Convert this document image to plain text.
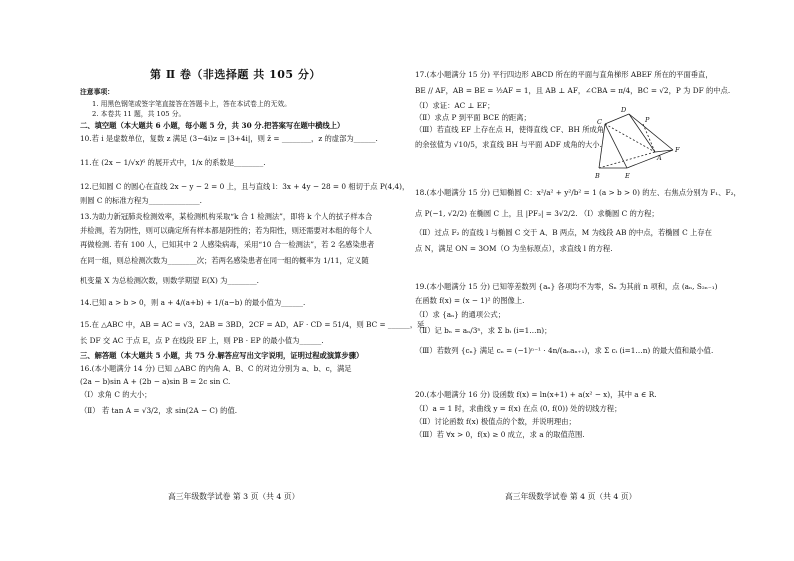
第 Ⅱ 卷（非选择题 共 105 分）
注意事项：
1. 用黑色钢笔或签字笔直接答在答题卡上，答在本试卷上的无效。
2. 本卷共 11 题，共 105 分。
二、填空题（本大题共 6 小题，每小题 5 分，共 30 分.把答案写在题中横线上）
10.若 i 是虚数单位，复数 z 满足 (3−4i)z = |3+4i|，则 z̄ = ________，z 的虚部为______.
11.在 (2x − 1/√x)⁶ 的展开式中，1/x 的系数是________.
12.已知圆 C 的圆心在直线 2x − y − 2 = 0 上，且与直线 l：3x + 4y − 28 = 0 相切于点 P(4,4)，
则圆 C 的标准方程为______________.
13.为助力新冠肺炎检测效率，某检测机构采取“k 合 1 检测法”，即将 k 个人的拭子样本合
并检测，若为阴性，则可以确定所有样本都是阴性的；若为阳性，则还需要对本组的每个人
再做检测. 若有 100 人，已知其中 2 人感染病毒，采用“10 合一检测法”，若 2 名感染患者
在同一组，则总检测次数为________次；若两名感染患者在同一组的概率为 1/11，定义随
机变量 X 为总检测次数，则数学期望 E(X) 为________.
14.已知 a > b > 0，则 a + 4/(a+b) + 1/(a−b) 的最小值为______.
15.在 △ABC 中，AB = AC = √3，2AB = 3BD，2CF = AD，AF · CD = 51/4，则 BC = ______，延
长 DF 交 AC 于点 E，点 P 在线段 EF 上，则 PB · EP 的最小值为______.
三、解答题（本大题共 5 小题，共 75 分.解答应写出文字说明，证明过程或演算步骤）
16.(本小题满分 14 分) 已知 △ABC 的内角 A、B、C 的对边分别为 a、b、c，满足
(2a − b)sin A + (2b − a)sin B = 2c sin C.
（Ⅰ）求角 C 的大小；
（Ⅱ） 若 tan A = √3/2，求 sin(2A − C) 的值.
高三年级数学试卷 第 3 页（共 4 页）
17.(本小题满分 15 分) 平行四边形 ABCD 所在的平面与直角梯形 ABEF 所在的平面垂直，
BE // AF，AB = BE = ½AF = 1，且 AB ⊥ AF，∠CBA = π/4，BC = √2，P 为 DF 的中点.
（Ⅰ）求证：AC ⊥ EF；
（Ⅱ）求点 P 到平面 BCE 的距离；
（Ⅲ）若直线 EF 上存在点 H，使得直线 CF、BH 所成角
的余弦值为 √10/5，求直线 BH 与平面 ADF 成角的大小.
C
D
P
A
F
B	E
18.(本小题满分 15 分) 已知椭圆 C：x²/a² + y²/b² = 1 (a > b > 0) 的左、右焦点分别为 F₁、F₂，
点 P(−1, √2/2) 在椭圆 C 上，且 |PF₂| = 3√2/2. （Ⅰ）求椭圆 C 的方程；
（Ⅱ）过点 F₂ 的直线 l 与椭圆 C 交于 A、B 两点，M 为线段 AB 的中点，若椭圆 C 上存在
点 N，满足 ON = 3OM（O 为坐标原点），求直线 l 的方程.
19.(本小题满分 15 分) 已知等差数列 {aₙ} 各项均不为零，Sₙ 为其前 n 项和，点 (aₙ, S₂ₙ₋₁)
在函数 f(x) = (x − 1)² 的图像上.
（Ⅰ）求 {aₙ} 的通项公式；
（Ⅱ）记 bₙ = aₙ/3ⁿ，求 Σ bᵢ (i=1…n)；
（Ⅲ）若数列 {cₙ} 满足 cₙ = (−1)ⁿ⁻¹ · 4n/(aₙaₙ₊₁)，求 Σ cᵢ (i=1…n) 的最大值和最小值.
20.(本小题满分 16 分) 设函数 f(x) = ln(x+1) + a(x² − x)，其中 a ∈ R.
（Ⅰ）a = 1 时，求曲线 y = f(x) 在点 (0, f(0)) 处的切线方程；
（Ⅱ）讨论函数 f(x) 极值点的个数，并说明理由；
（Ⅲ）若 ∀x > 0，f(x) ≥ 0 成立，求 a 的取值范围.
高三年级数学试卷 第 4 页（共 4 页）
